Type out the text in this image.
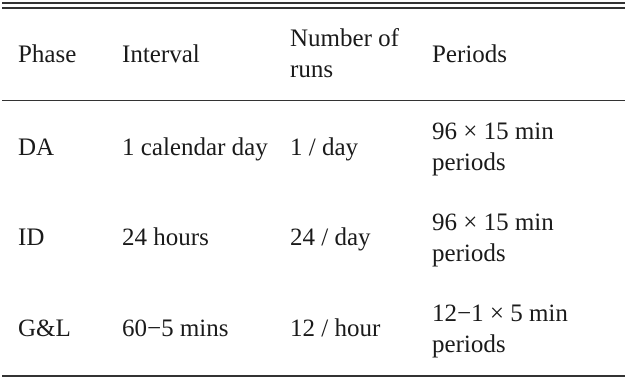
Phase	Interval	Number of runs	Periods
DA	1 calendar day	1 / day	96 × 15 min periods
ID	24 hours	24 / day	96 × 15 min periods
G&L	60−5 mins	12 / hour	12−1 × 5 min periods
